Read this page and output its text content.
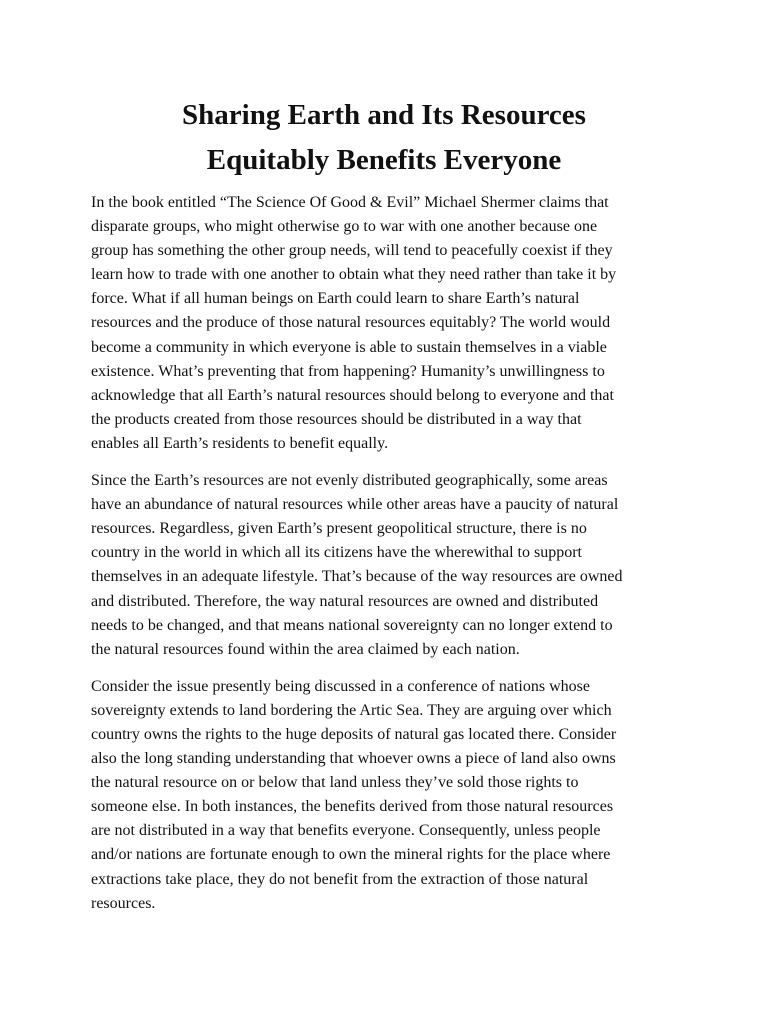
Sharing Earth and Its Resources
Equitably Benefits Everyone

In the book entitled “The Science Of Good & Evil” Michael Shermer claims that
disparate groups, who might otherwise go to war with one another because one
group has something the other group needs, will tend to peacefully coexist if they
learn how to trade with one another to obtain what they need rather than take it by
force. What if all human beings on Earth could learn to share Earth’s natural
resources and the produce of those natural resources equitably? The world would
become a community in which everyone is able to sustain themselves in a viable
existence. What’s preventing that from happening? Humanity’s unwillingness to
acknowledge that all Earth’s natural resources should belong to everyone and that
the products created from those resources should be distributed in a way that
enables all Earth’s residents to benefit equally.

Since the Earth’s resources are not evenly distributed geographically, some areas
have an abundance of natural resources while other areas have a paucity of natural
resources. Regardless, given Earth’s present geopolitical structure, there is no
country in the world in which all its citizens have the wherewithal to support
themselves in an adequate lifestyle. That’s because of the way resources are owned
and distributed. Therefore, the way natural resources are owned and distributed
needs to be changed, and that means national sovereignty can no longer extend to
the natural resources found within the area claimed by each nation.

Consider the issue presently being discussed in a conference of nations whose
sovereignty extends to land bordering the Artic Sea. They are arguing over which
country owns the rights to the huge deposits of natural gas located there. Consider
also the long standing understanding that whoever owns a piece of land also owns
the natural resource on or below that land unless they’ve sold those rights to
someone else. In both instances, the benefits derived from those natural resources
are not distributed in a way that benefits everyone. Consequently, unless people
and/or nations are fortunate enough to own the mineral rights for the place where
extractions take place, they do not benefit from the extraction of those natural
resources.
